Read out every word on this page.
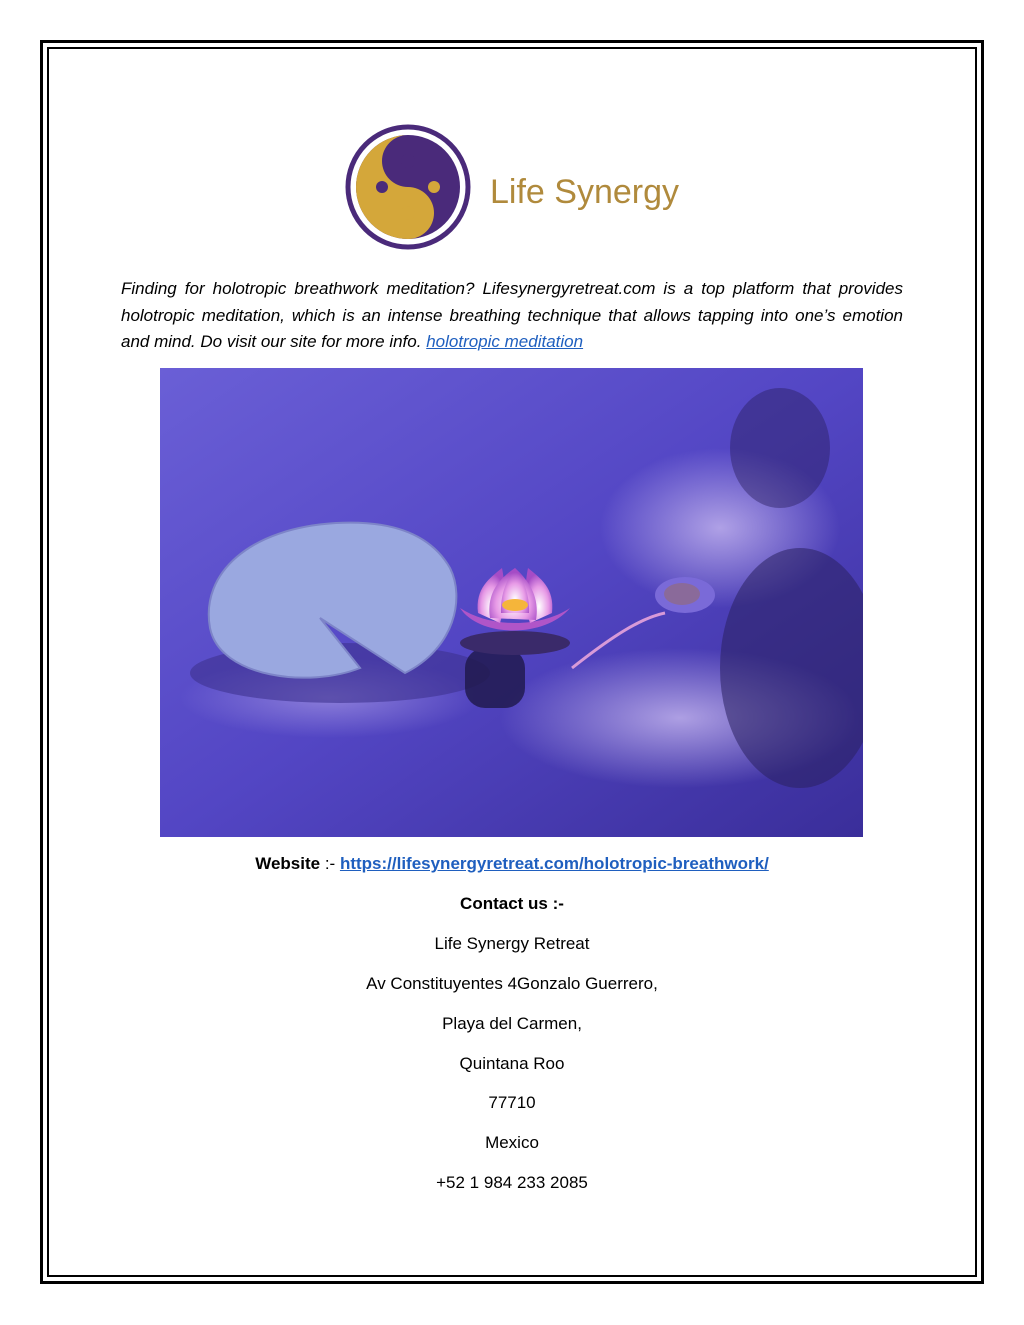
Life Synergy

Finding for holotropic breathwork meditation? Lifesynergyretreat.com is a top platform that provides holotropic meditation, which is an intense breathing technique that allows tapping into one’s emotion and mind. Do visit our site for more info. holotropic meditation

Website :- https://lifesynergyretreat.com/holotropic-breathwork/
Contact us :-
Life Synergy Retreat
Av Constituyentes 4Gonzalo Guerrero,
Playa del Carmen,
Quintana Roo
77710
Mexico
+52 1 984 233 2085
